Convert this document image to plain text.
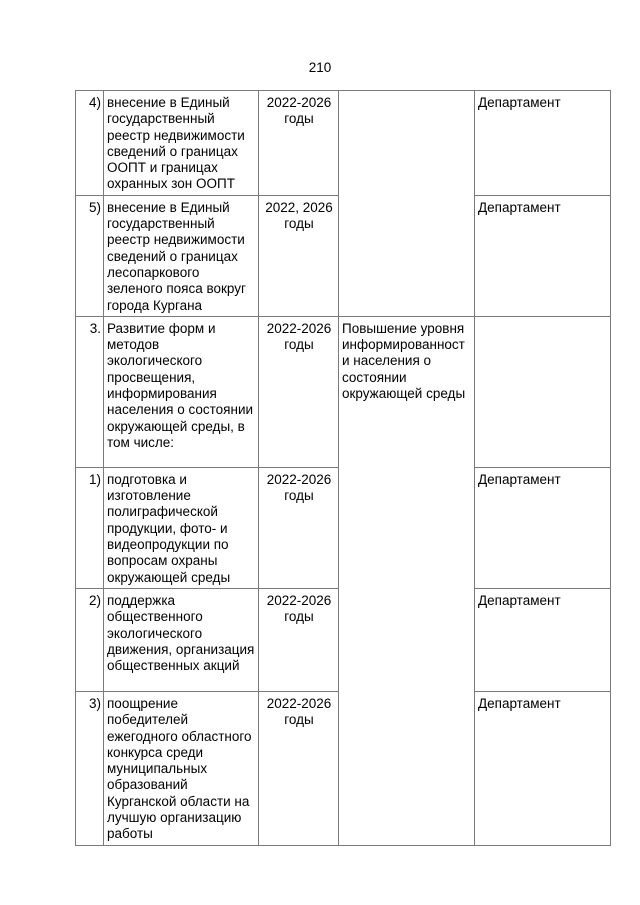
210
4)	внесение в Единый государственный реестр недвижимости сведений о границах ООПТ и границах охранных зон ООПТ	2022-2026 годы		Департамент
5)	внесение в Единый государственный реестр недвижимости сведений о границах лесопаркового зеленого пояса вокруг города Кургана	2022, 2026 годы		Департамент
3.	Развитие форм и методов экологического просвещения, информирования населения о состоянии окружающей среды, в том числе:	2022-2026 годы	Повышение уровня информированности населения о состоянии окружающей среды	
1)	подготовка и изготовление полиграфической продукции, фото- и видеопродукции по вопросам охраны окружающей среды	2022-2026 годы		Департамент
2)	поддержка общественного экологического движения, организация общественных акций	2022-2026 годы		Департамент
3)	поощрение победителей ежегодного областного конкурса среди муниципальных образований Курганской области на лучшую организацию работы	2022-2026 годы		Департамент
